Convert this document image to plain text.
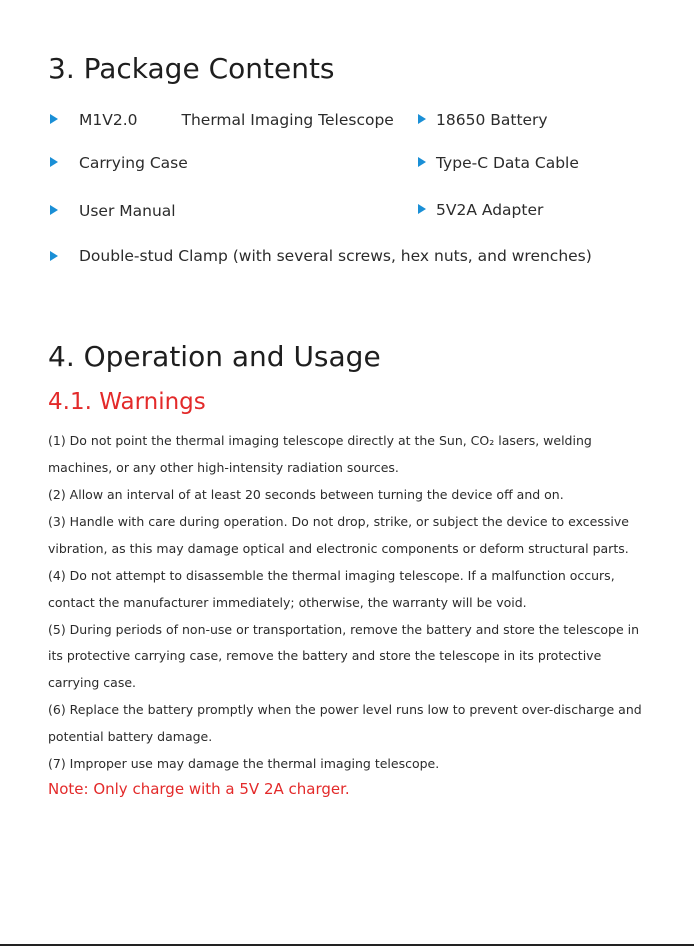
3. Package Contents
M1V2.0	Thermal Imaging Telescope	18650 Battery
Carrying Case	Type-C Data Cable
User Manual	5V2A Adapter
Double-stud Clamp (with several screws, hex nuts, and wrenches)
4. Operation and Usage
4.1. Warnings
(1) Do not point the thermal imaging telescope directly at the Sun, CO₂ lasers, welding
machines, or any other high-intensity radiation sources.
(2) Allow an interval of at least 20 seconds between turning the device off and on.
(3) Handle with care during operation. Do not drop, strike, or subject the device to excessive
vibration, as this may damage optical and electronic components or deform structural parts.
(4) Do not attempt to disassemble the thermal imaging telescope. If a malfunction occurs,
contact the manufacturer immediately; otherwise, the warranty will be void.
(5) During periods of non-use or transportation, remove the battery and store the telescope in
its protective carrying case, remove the battery and store the telescope in its protective
carrying case.
(6) Replace the battery promptly when the power level runs low to prevent over-discharge and
potential battery damage.
(7) Improper use may damage the thermal imaging telescope.
Note: Only charge with a 5V 2A charger.
